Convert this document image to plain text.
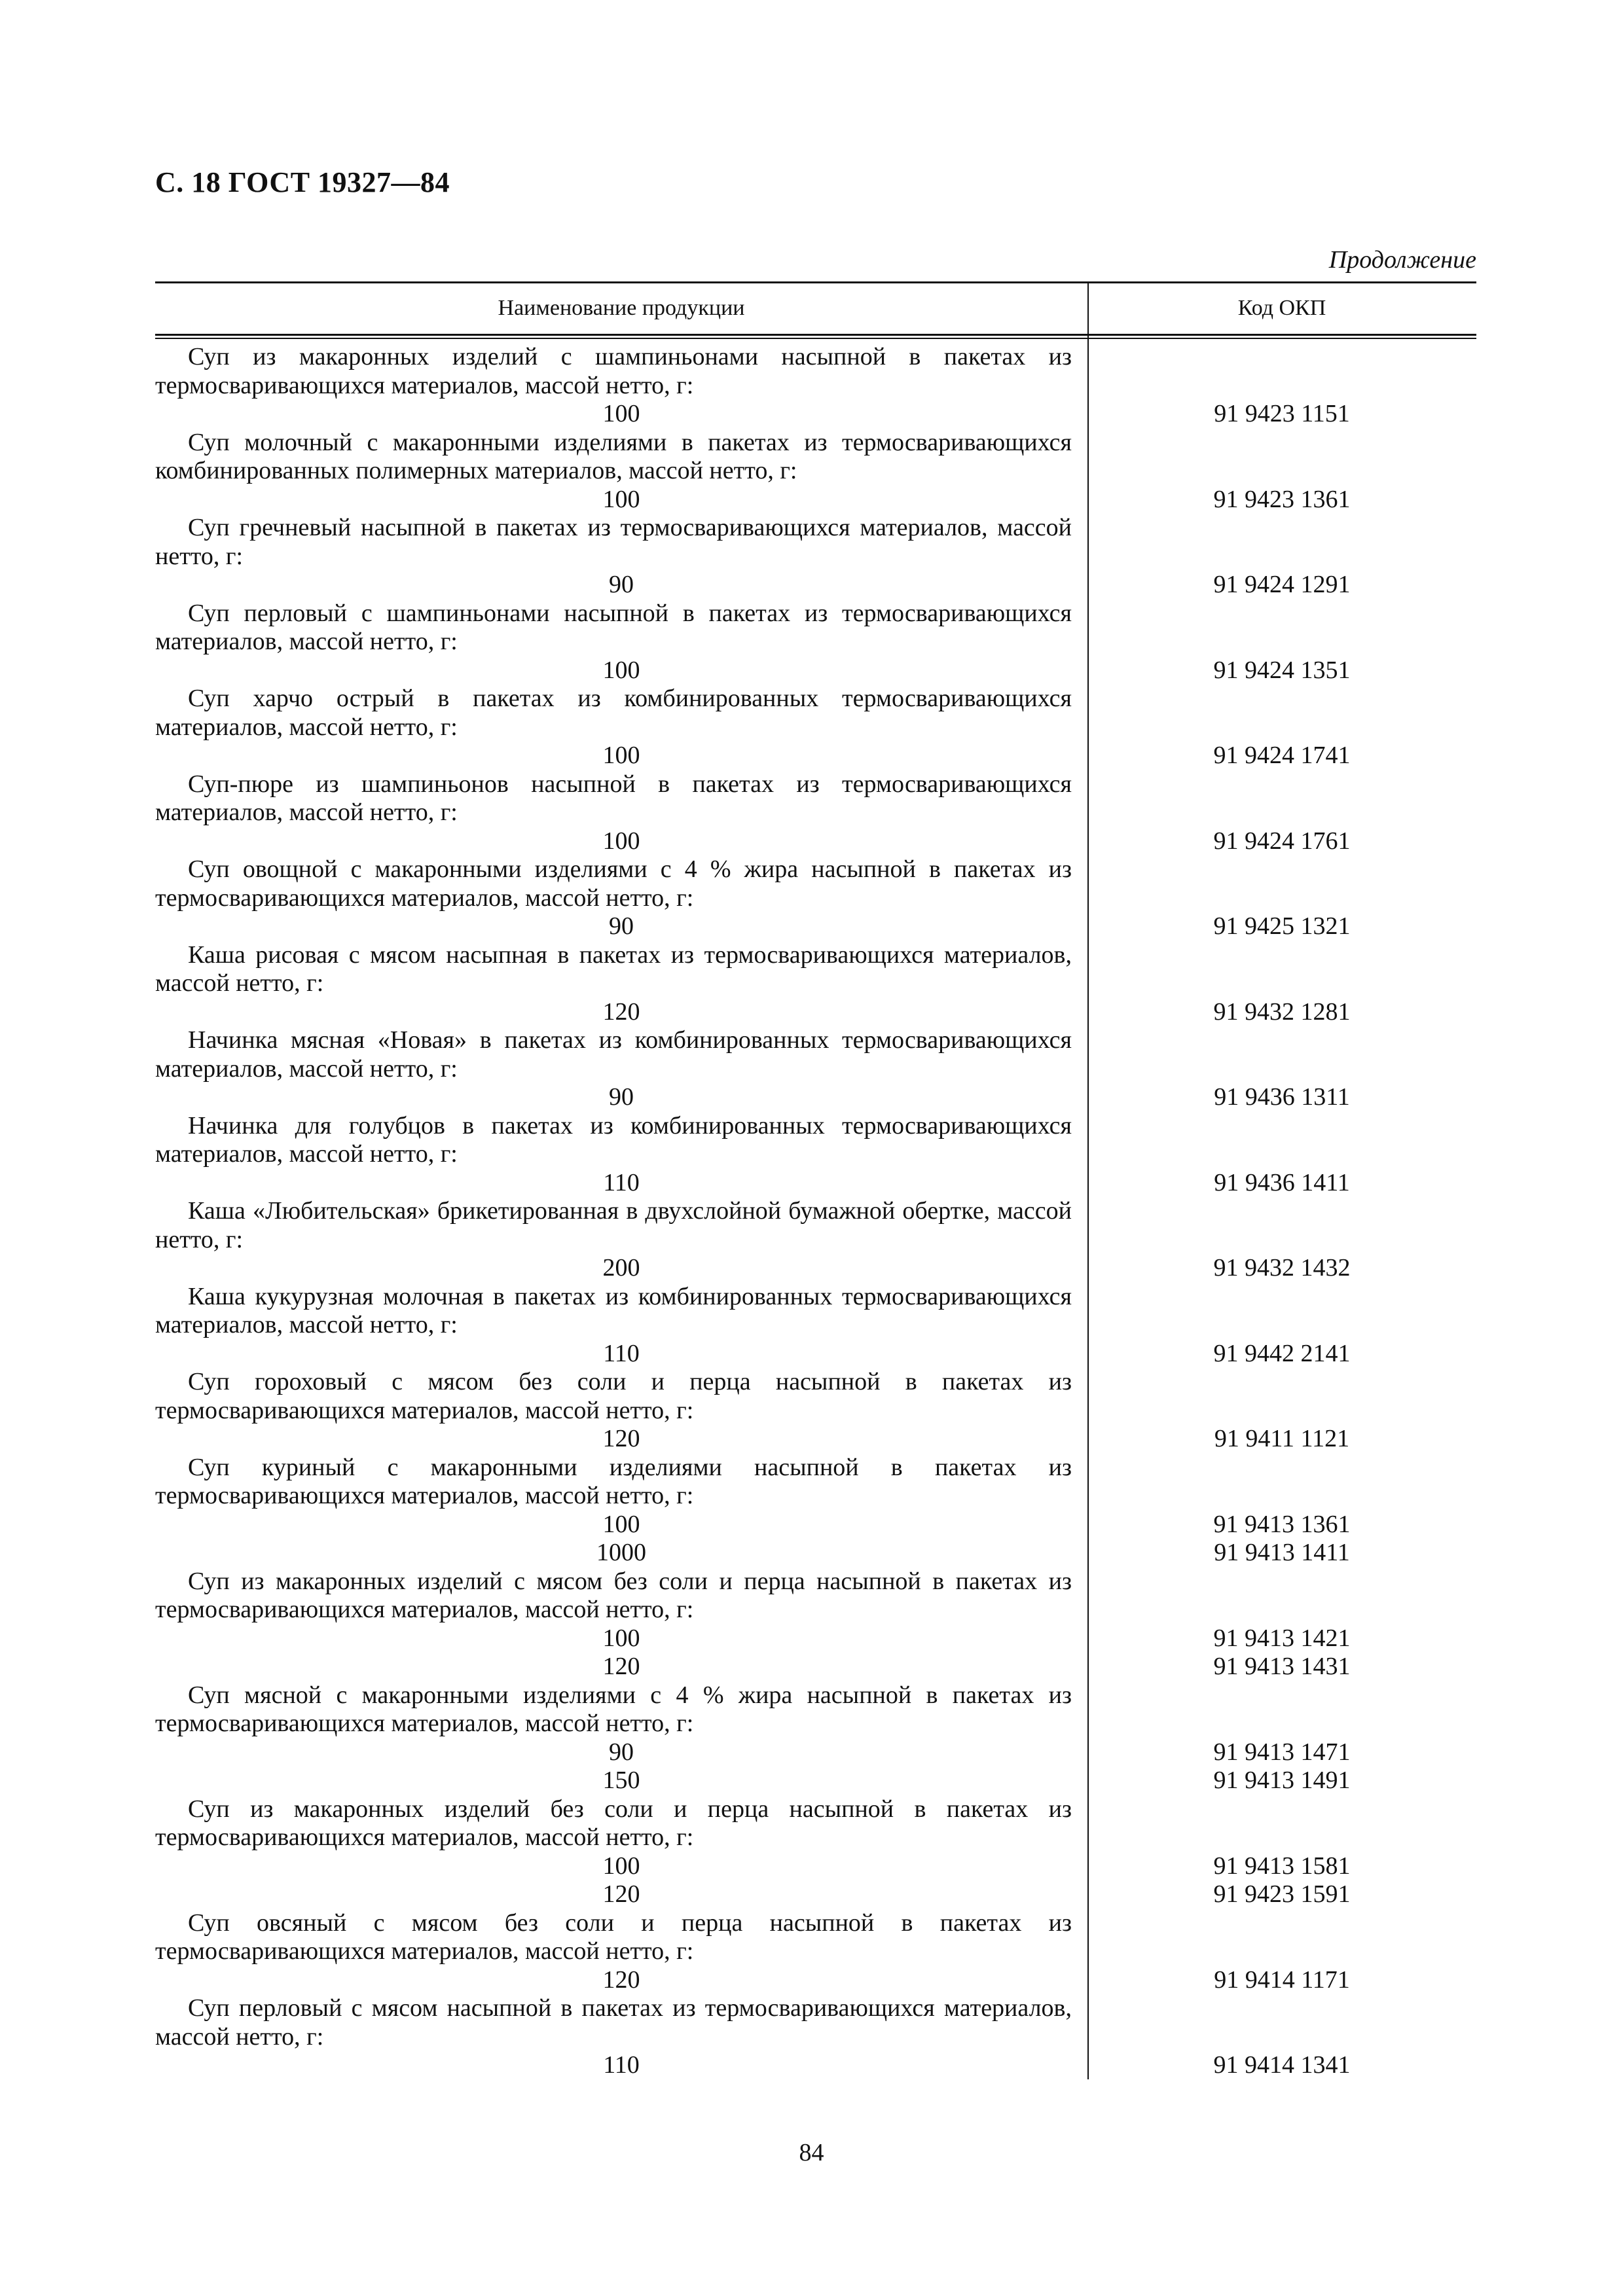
С. 18 ГОСТ 19327—84
Продолжение
Наименование продукции	Код ОКП
Суп из макаронных изделий с шампиньонами насыпной в пакетах из термосваривающихся материалов, массой нетто, г:
100	91 9423 1151
Суп молочный с макаронными изделиями в пакетах из термосваривающихся комбинированных полимерных материалов, массой нетто, г:
100	91 9423 1361
Суп гречневый насыпной в пакетах из термосваривающихся материалов, массой нетто, г:
90	91 9424 1291
Суп перловый с шампиньонами насыпной в пакетах из термосваривающихся материалов, массой нетто, г:
100	91 9424 1351
Суп харчо острый в пакетах из комбинированных термосваривающихся материалов, массой нетто, г:
100	91 9424 1741
Суп-пюре из шампиньонов насыпной в пакетах из термосваривающихся материалов, массой нетто, г:
100	91 9424 1761
Суп овощной с макаронными изделиями с 4 % жира насыпной в пакетах из термосваривающихся материалов, массой нетто, г:
90	91 9425 1321
Каша рисовая с мясом насыпная в пакетах из термосваривающихся материалов, массой нетто, г:
120	91 9432 1281
Начинка мясная «Новая» в пакетах из комбинированных термосваривающихся материалов, массой нетто, г:
90	91 9436 1311
Начинка для голубцов в пакетах из комбинированных термосваривающихся материалов, массой нетто, г:
110	91 9436 1411
Каша «Любительская» брикетированная в двухслойной бумажной обертке, массой нетто, г:
200	91 9432 1432
Каша кукурузная молочная в пакетах из комбинированных термосваривающихся материалов, массой нетто, г:
110	91 9442 2141
Суп гороховый с мясом без соли и перца насыпной в пакетах из термосваривающихся материалов, массой нетто, г:
120	91 9411 1121
Суп куриный с макаронными изделиями насыпной в пакетах из термосваривающихся материалов, массой нетто, г:
100	91 9413 1361
1000	91 9413 1411
Суп из макаронных изделий с мясом без соли и перца насыпной в пакетах из термосваривающихся материалов, массой нетто, г:
100	91 9413 1421
120	91 9413 1431
Суп мясной с макаронными изделиями с 4 % жира насыпной в пакетах из термосваривающихся материалов, массой нетто, г:
90	91 9413 1471
150	91 9413 1491
Суп из макаронных изделий без соли и перца насыпной в пакетах из термосваривающихся материалов, массой нетто, г:
100	91 9413 1581
120	91 9423 1591
Суп овсяный с мясом без соли и перца насыпной в пакетах из термосваривающихся материалов, массой нетто, г:
120	91 9414 1171
Суп перловый с мясом насыпной в пакетах из термосваривающихся материалов, массой нетто, г:
110	91 9414 1341
84
